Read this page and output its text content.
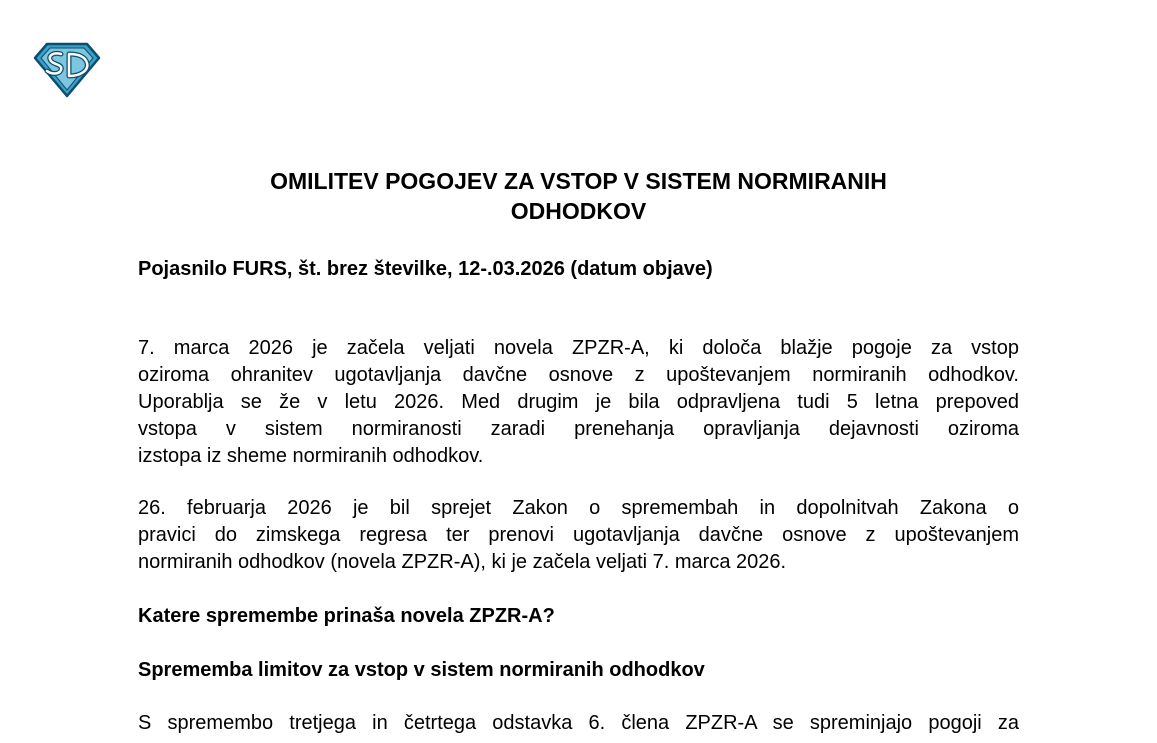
OMILITEV POGOJEV ZA VSTOP V SISTEM NORMIRANIH
ODHODKOV
Pojasnilo FURS, št. brez številke, 12-.03.2026 (datum objave)
7. marca 2026 je začela veljati novela ZPZR-A, ki določa blažje pogoje za vstop
oziroma ohranitev ugotavljanja davčne osnove z upoštevanjem normiranih odhodkov.
Uporablja se že v letu 2026. Med drugim je bila odpravljena tudi 5 letna prepoved
vstopa v sistem normiranosti zaradi prenehanja opravljanja dejavnosti oziroma
izstopa iz sheme normiranih odhodkov.
26. februarja 2026 je bil sprejet Zakon o spremembah in dopolnitvah Zakona o
pravici do zimskega regresa ter prenovi ugotavljanja davčne osnove z upoštevanjem
normiranih odhodkov (novela ZPZR-A), ki je začela veljati 7. marca 2026.
Katere spremembe prinaša novela ZPZR-A?
Sprememba limitov za vstop v sistem normiranih odhodkov
S spremembo tretjega in četrtega odstavka 6. člena ZPZR-A se spreminjajo pogoji za
